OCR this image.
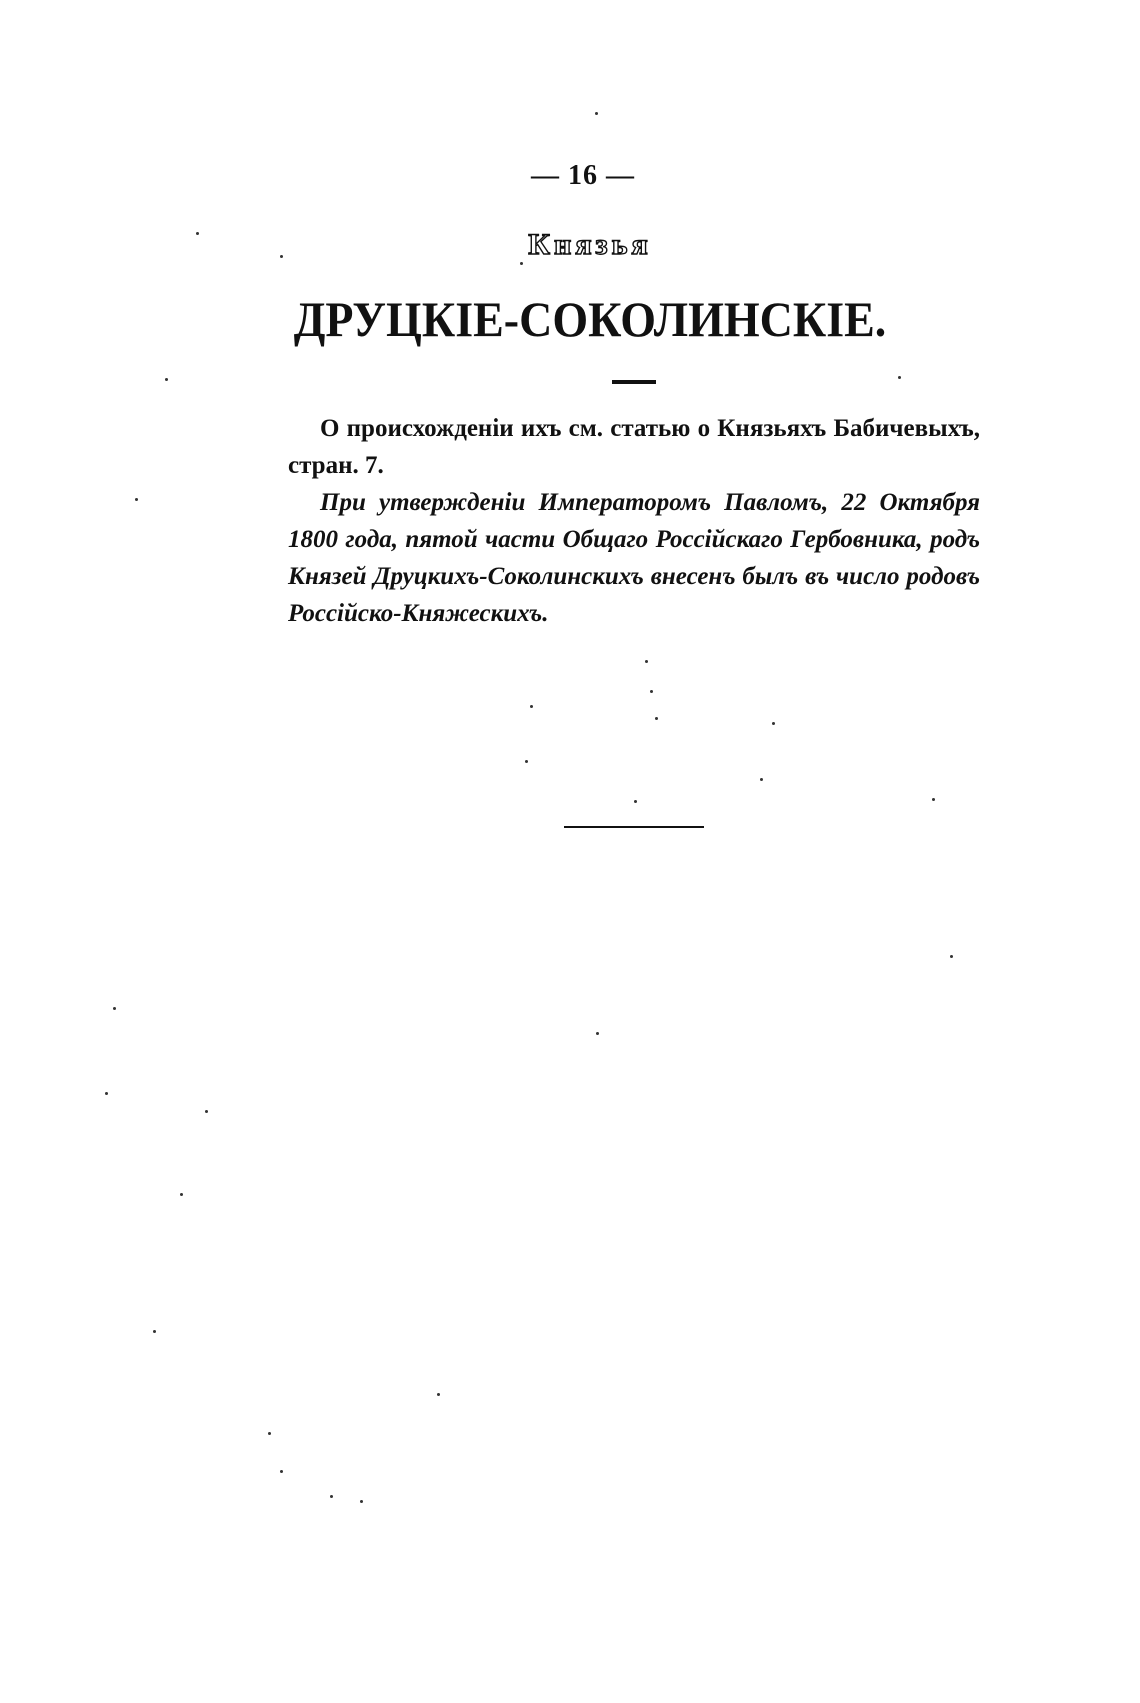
— 16 —
Князья
ДРУЦКІЕ-СОКОЛИНСКІЕ.

О происхожденіи ихъ см. статью о Князьяхъ Бабичевыхъ, стран. 7.

При утвержденіи Императоромъ Павломъ, 22 Октября 1800 года, пятой части Общаго Россійскаго Гербовника, родъ Князей Друцкихъ-Соколинскихъ внесенъ былъ въ число родовъ Россійско-Княжескихъ.
